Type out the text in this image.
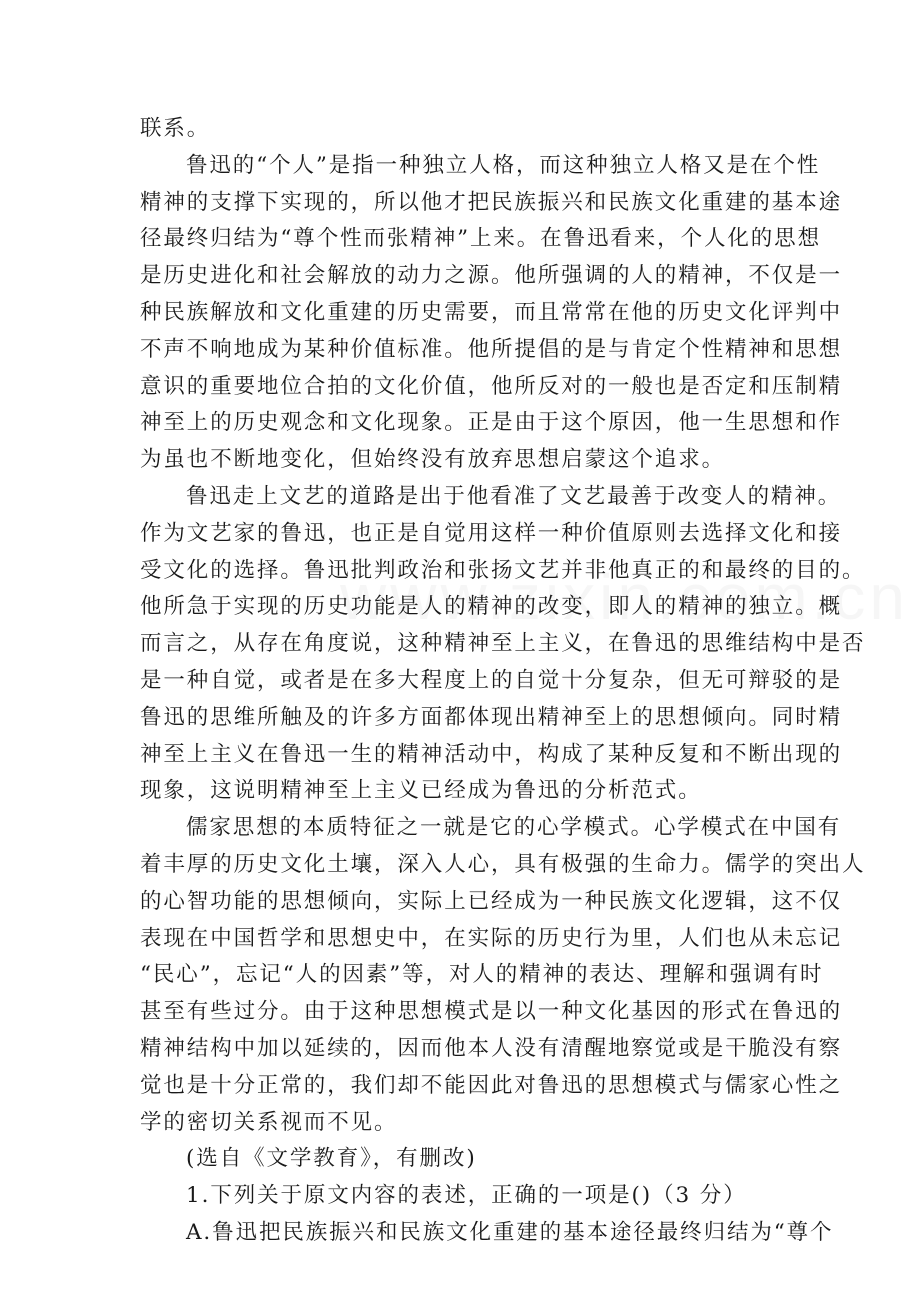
联系。
鲁迅的“个人”是指一种独立人格，而这种独立人格又是在个性
精神的支撑下实现的，所以他才把民族振兴和民族文化重建的基本途
径最终归结为“尊个性而张精神”上来。在鲁迅看来，个人化的思想
是历史进化和社会解放的动力之源。他所强调的人的精神，不仅是一
种民族解放和文化重建的历史需要，而且常常在他的历史文化评判中
不声不响地成为某种价值标准。他所提倡的是与肯定个性精神和思想
意识的重要地位合拍的文化价值，他所反对的一般也是否定和压制精
神至上的历史观念和文化现象。正是由于这个原因，他一生思想和作
为虽也不断地变化，但始终没有放弃思想启蒙这个追求。
鲁迅走上文艺的道路是出于他看准了文艺最善于改变人的精神。
作为文艺家的鲁迅，也正是自觉用这样一种价值原则去选择文化和接
受文化的选择。鲁迅批判政治和张扬文艺并非他真正的和最终的目的。
他所急于实现的历史功能是人的精神的改变，即人的精神的独立。概
而言之，从存在角度说，这种精神至上主义，在鲁迅的思维结构中是否
是一种自觉，或者是在多大程度上的自觉十分复杂，但无可辩驳的是
鲁迅的思维所触及的许多方面都体现出精神至上的思想倾向。同时精
神至上主义在鲁迅一生的精神活动中，构成了某种反复和不断出现的
现象，这说明精神至上主义已经成为鲁迅的分析范式。
儒家思想的本质特征之一就是它的心学模式。心学模式在中国有
着丰厚的历史文化土壤，深入人心，具有极强的生命力。儒学的突出人
的心智功能的思想倾向，实际上已经成为一种民族文化逻辑，这不仅
表现在中国哲学和思想史中，在实际的历史行为里，人们也从未忘记
“民心”，忘记“人的因素”等，对人的精神的表达、理解和强调有时
甚至有些过分。由于这种思想模式是以一种文化基因的形式在鲁迅的
精神结构中加以延续的，因而他本人没有清醒地察觉或是干脆没有察
觉也是十分正常的，我们却不能因此对鲁迅的思想模式与儒家心性之
学的密切关系视而不见。
(选自《文学教育》，有删改)
1.下列关于原文内容的表述，正确的一项是()（3 分）
A.鲁迅把民族振兴和民族文化重建的基本途径最终归结为“尊个
